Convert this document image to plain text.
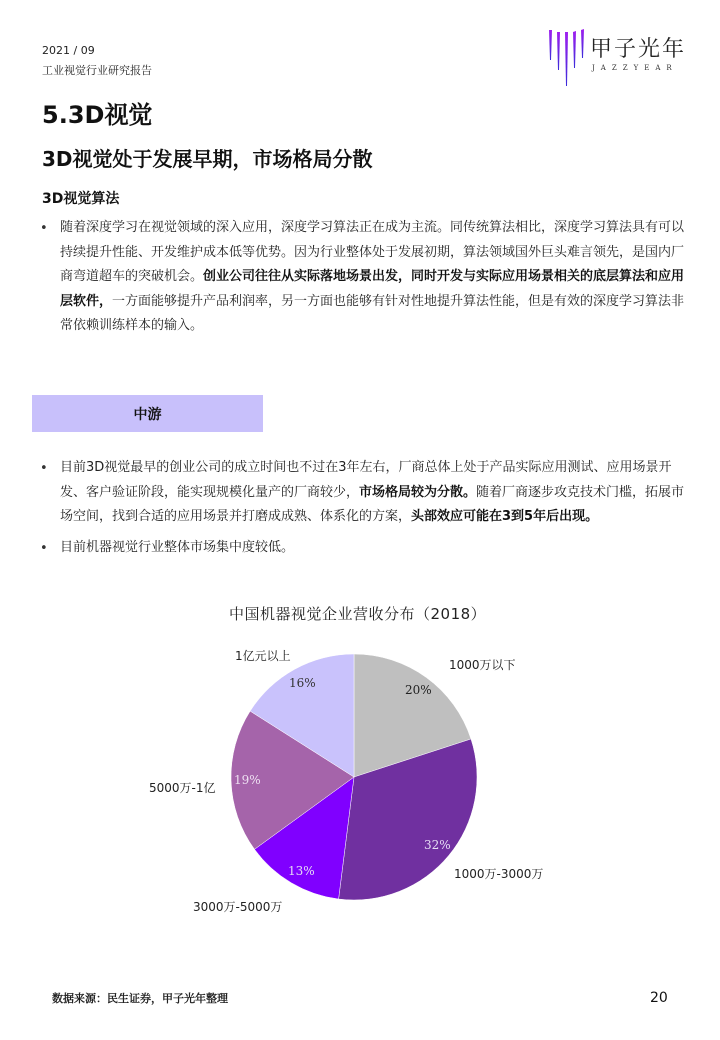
2021 / 09
工业视觉行业研究报告
甲子光年
JAZZYEAR
5.3D视觉
3D视觉处于发展早期，市场格局分散
3D视觉算法
• 随着深度学习在视觉领域的深入应用，深度学习算法正在成为主流。同传统算法相比，深度学习算法具有可以持续提升性能、开发维护成本低等优势。因为行业整体处于发展初期，算法领域国外巨头难言领先，是国内厂商弯道超车的突破机会。创业公司往往从实际落地场景出发，同时开发与实际应用场景相关的底层算法和应用层软件，一方面能够提升产品利润率，另一方面也能够有针对性地提升算法性能，但是有效的深度学习算法非常依赖训练样本的输入。
中游
• 目前3D视觉最早的创业公司的成立时间也不过在3年左右，厂商总体上处于产品实际应用测试、应用场景开发、客户验证阶段，能实现规模化量产的厂商较少，市场格局较为分散。随着厂商逐步攻克技术门槛，拓展市场空间，找到合适的应用场景并打磨成成熟、体系化的方案，头部效应可能在3到5年后出现。
• 目前机器视觉行业整体市场集中度较低。
中国机器视觉企业营收分布（2018）
1000万以下
1000万-3000万
3000万-5000万
5000万-1亿
1亿元以上
20%
32%
13%
19%
16%
数据来源：民生证券，甲子光年整理	20
